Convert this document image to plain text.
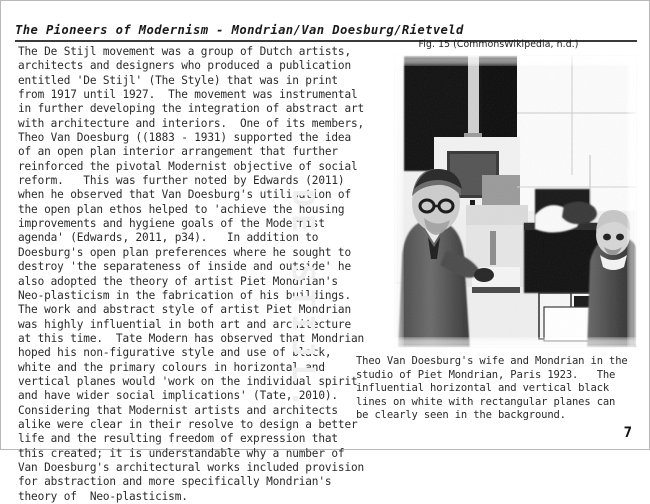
The Pioneers of Modernism - Mondrian/Van Doesburg/Rietveld

The De Stijl movement was a group of Dutch artists,
architects and designers who produced a publication
entitled 'De Stijl' (The Style) that was in print
from 1917 until 1927.  The movement was instrumental
in further developing the integration of abstract art
with architecture and interiors.  One of its members,
Theo Van Doesburg ((1883 - 1931) supported the idea
of an open plan interior arrangement that further
reinforced the pivotal Modernist objective of social
reform.   This was further noted by Edwards (2011)
when he observed that Van Doesburg's utilisation of
the open plan ethos helped to 'achieve the housing
improvements and hygiene goals of the Modernist
agenda' (Edwards, 2011, p34).   In addition to
Doesburg's open plan preferences where he sought to
destroy 'the separateness of inside and outside' he
also adopted the theory of artist Piet Mondrian's
Neo-plasticism in the fabrication of his buildings.
The work and abstract style of artist Piet Mondrian
was highly influential in both art and architecture
at this time.  Tate Modern has observed that Mondrian
hoped his non-figurative style and use of black,
white and the primary colours in horizontal and
vertical planes would 'work on the individual spirit
and have wider social implications' (Tate, 2010).
Considering that Modernist artists and architects
alike were clear in their resolve to design a better
life and the resulting freedom of expression that
this created; it is understandable why a number of
Van Doesburg's architectural works included provision
for abstraction and more specifically Mondrian's
theory of  Neo-plasticism.

Fig. 15 (CommonsWikipedia, n.d.)
DE STIJL.	Theo Van Doesburg's wife and Mondrian in the
studio of Piet Mondrian, Paris 1923.   The
influential horizontal and vertical black
lines on white with rectangular planes can
be clearly seen in the background.
7
